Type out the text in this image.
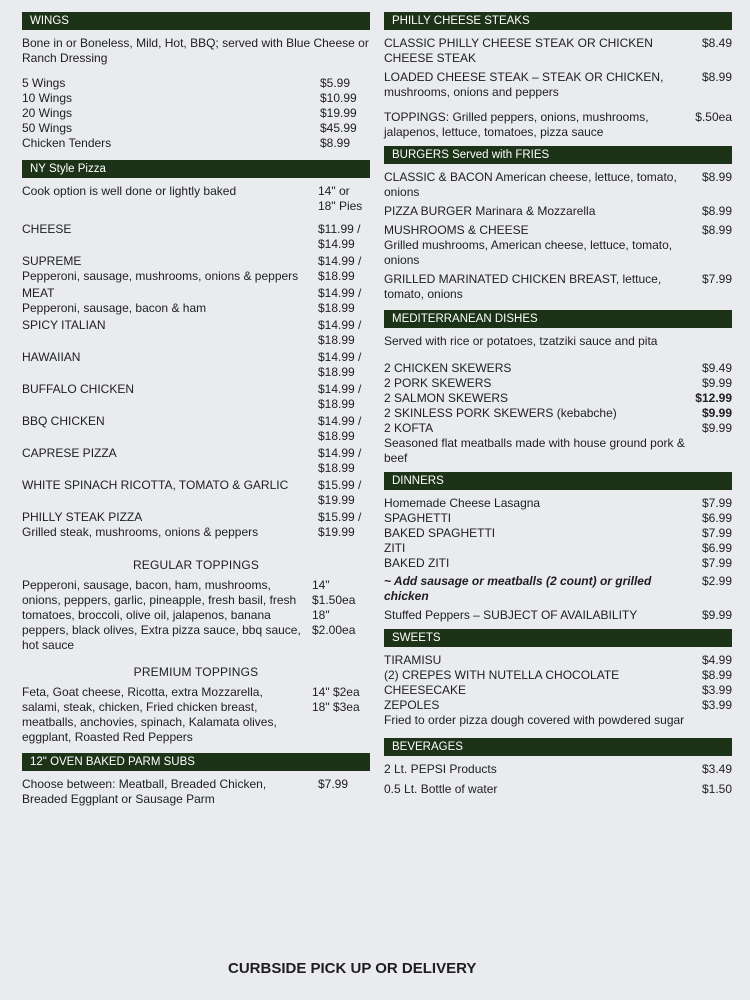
WINGS
Bone in or Boneless, Mild, Hot, BBQ; served with Blue Cheese or Ranch Dressing
5 Wings	$5.99
10 Wings	$10.99
20 Wings	$19.99
50 Wings	$45.99
Chicken Tenders	$8.99
NY Style Pizza
Cook option is well done or lightly baked	14" or
18" Pies
CHEESE	$11.99 /
$14.99
SUPREME
Pepperoni, sausage, mushrooms, onions & peppers
$14.99 /
$18.99
MEAT
Pepperoni, sausage, bacon & ham
$14.99 /
$18.99
SPICY ITALIAN	$14.99 /
$18.99
HAWAIIAN	$14.99 /
$18.99
BUFFALO CHICKEN	$14.99 /
$18.99
BBQ CHICKEN	$14.99 /
$18.99
CAPRESE PIZZA	$14.99 /
$18.99
WHITE SPINACH RICOTTA, TOMATO & GARLIC	$15.99 /
$19.99
PHILLY STEAK PIZZA
Grilled steak, mushrooms, onions & peppers
$15.99 /
$19.99
REGULAR TOPPINGS
Pepperoni, sausage, bacon, ham, mushrooms, onions, peppers, garlic, pineapple, fresh basil, fresh tomatoes, broccoli, olive oil, jalapenos, banana peppers, black olives, Extra pizza sauce, bbq sauce, hot sauce
14"
$1.50ea
18"
$2.00ea
PREMIUM TOPPINGS
Feta, Goat cheese, Ricotta, extra Mozzarella, salami, steak, chicken, Fried chicken breast, meatballs, anchovies, spinach, Kalamata olives, eggplant, Roasted Red Peppers
14" $2ea
18" $3ea
12" OVEN BAKED PARM SUBS
Choose between: Meatball, Breaded Chicken, Breaded Eggplant or Sausage Parm
$7.99
PHILLY CHEESE STEAKS
CLASSIC PHILLY CHEESE STEAK OR CHICKEN CHEESE STEAK
$8.49
LOADED CHEESE STEAK – STEAK OR CHICKEN, mushrooms, onions and peppers
$8.99
TOPPINGS: Grilled peppers, onions, mushrooms, jalapenos, lettuce, tomatoes, pizza sauce
$.50ea
BURGERS Served with FRIES
CLASSIC & BACON American cheese, lettuce, tomato, onions
$8.99
PIZZA BURGER Marinara & Mozzarella	$8.99
MUSHROOMS & CHEESE
Grilled mushrooms, American cheese, lettuce, tomato, onions
$8.99
GRILLED MARINATED CHICKEN BREAST, lettuce, tomato, onions
$7.99
MEDITERRANEAN DISHES
Served with rice or potatoes, tzatziki sauce and pita
2 CHICKEN SKEWERS	$9.49
2 PORK SKEWERS	$9.99
2 SALMON SKEWERS	$12.99
2 SKINLESS PORK SKEWERS (kebabche)	$9.99
2 KOFTA
Seasoned flat meatballs made with house ground pork & beef
$9.99
DINNERS
Homemade Cheese Lasagna	$7.99
SPAGHETTI	$6.99
BAKED SPAGHETTI	$7.99
ZITI	$6.99
BAKED ZITI	$7.99
~ Add sausage or meatballs (2 count) or grilled chicken
$2.99
Stuffed Peppers – SUBJECT OF AVAILABILITY	$9.99
SWEETS
TIRAMISU	$4.99
(2) CREPES WITH NUTELLA CHOCOLATE	$8.99
CHEESECAKE	$3.99
ZEPOLES
Fried to order pizza dough covered with powdered sugar
$3.99
BEVERAGES
2 Lt. PEPSI Products	$3.49
0.5 Lt. Bottle of water	$1.50
CURBSIDE PICK UP OR DELIVERY
